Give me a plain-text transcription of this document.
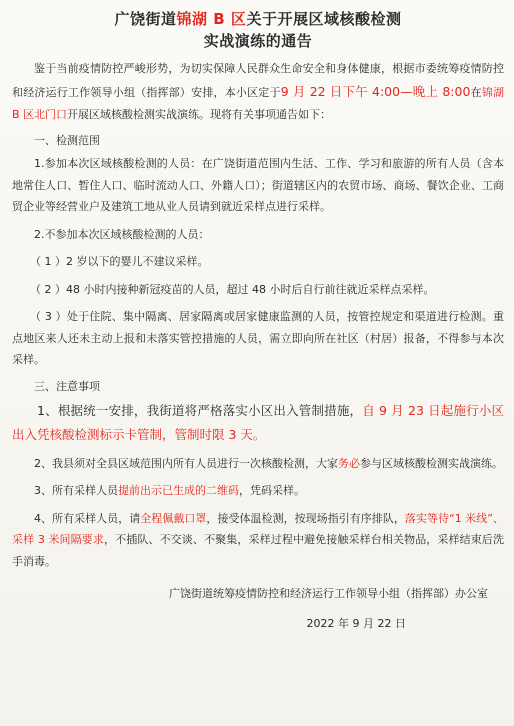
广饶街道锦湖 B 区关于开展区域核酸检测
实战演练的通告

鉴于当前疫情防控严峻形势，为切实保障人民群众生命安全和身体健康，根据市委统筹疫情防控和经济运行工作领导小组（指挥部）安排，本小区定于9 月 22 日下午 4:00—晚上 8:00在锦湖 B 区北门口开展区域核酸检测实战演练。现将有关事项通告如下：

一、检测范围

1.参加本次区域核酸检测的人员：在广饶街道范围内生活、工作、学习和旅游的所有人员（含本地常住人口、暂住人口、临时流动人口、外籍人口）；街道辖区内的农贸市场、商场、餐饮企业、工商贸企业等经营业户及建筑工地从业人员请到就近采样点进行采样。

2.不参加本次区域核酸检测的人员：

（ 1 ）2 岁以下的婴儿不建议采样。
（ 2 ）48 小时内接种新冠疫苗的人员，超过 48 小时后自行前往就近采样点采样。

（ 3 ）处于住院、集中隔离、居家隔离或居家健康监测的人员，按管控规定和渠道进行检测。重点地区来人还未主动上报和未落实管控措施的人员，需立即向所在社区（村居）报备，不得参与本次采样。

三、注意事项

1、根据统一安排，我街道将严格落实小区出入管制措施，自 9 月 23 日起施行小区出入凭核酸检测标示卡管制，管制时限 3 天。

2、我县须对全县区域范围内所有人员进行一次核酸检测，大家务必参与区域核酸检测实战演练。

3、所有采样人员提前出示已生成的二维码，凭码采样。

4、所有采样人员，请全程佩戴口罩，接受体温检测，按现场指引有序排队，落实等待“1 米线”、采样 3 米间隔要求，不插队、不交谈、不聚集，采样过程中避免接触采样台相关物品，采样结束后洗手消毒。

广饶街道统筹疫情防控和经济运行工作领导小组（指挥部）办公室
2022 年 9 月 22 日
